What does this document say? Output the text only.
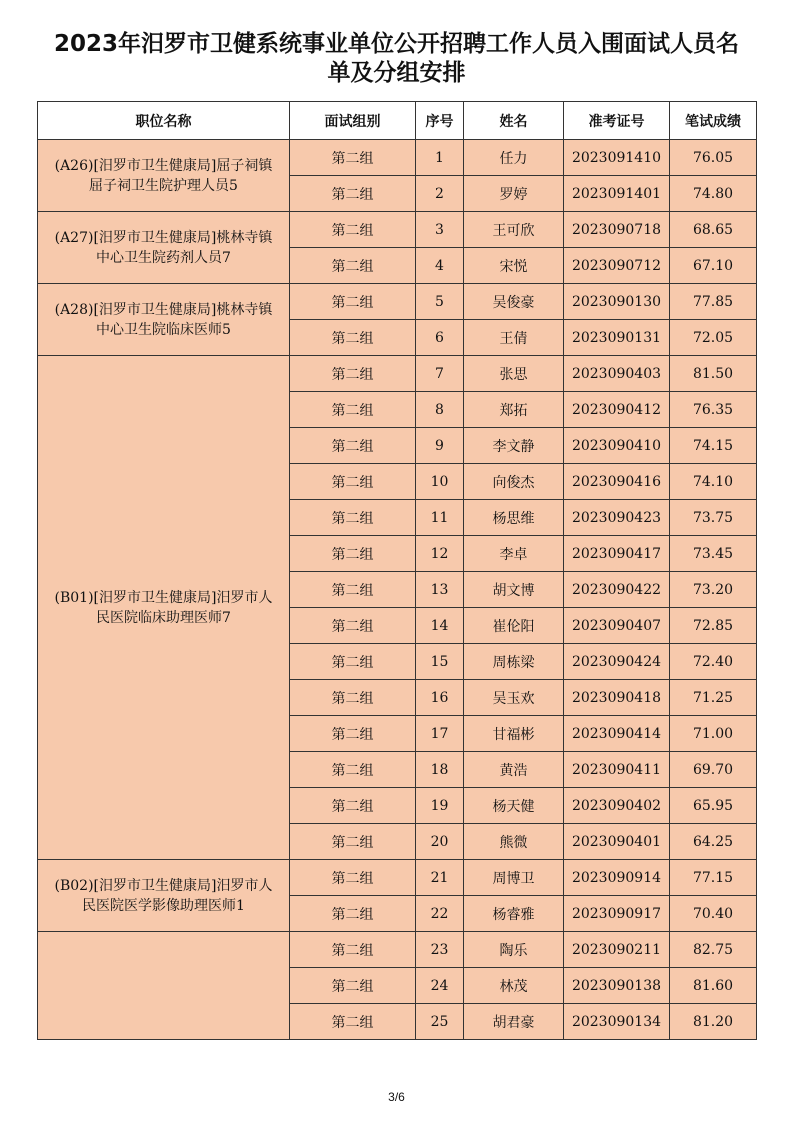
2023年汨罗市卫健系统事业单位公开招聘工作人员入围面试人员名
单及分组安排
职位名称	面试组别	序号	姓名	准考证号	笔试成绩

(A26)[汨罗市卫生健康局]屈子祠镇
屈子祠卫生院护理人员5	第二组	1	任力	2023091410	76.05
	第二组	2	罗婷	2023091401	74.80

(A27)[汨罗市卫生健康局]桃林寺镇
中心卫生院药剂人员7	第二组	3	王可欣	2023090718	68.65
	第二组	4	宋悦	2023090712	67.10

(A28)[汨罗市卫生健康局]桃林寺镇
中心卫生院临床医师5	第二组	5	吴俊豪	2023090130	77.85
	第二组	6	王倩	2023090131	72.05

(B01)[汨罗市卫生健康局]汨罗市人
民医院临床助理医师7	第二组	7	张思	2023090403	81.50
	第二组	8	郑拓	2023090412	76.35
	第二组	9	李文静	2023090410	74.15
	第二组	10	向俊杰	2023090416	74.10
	第二组	11	杨思维	2023090423	73.75
	第二组	12	李卓	2023090417	73.45
	第二组	13	胡文博	2023090422	73.20
	第二组	14	崔伦阳	2023090407	72.85
	第二组	15	周栋梁	2023090424	72.40
	第二组	16	吴玉欢	2023090418	71.25
	第二组	17	甘福彬	2023090414	71.00
	第二组	18	黄浩	2023090411	69.70
	第二组	19	杨天健	2023090402	65.95
	第二组	20	熊微	2023090401	64.25

(B02)[汨罗市卫生健康局]汨罗市人
民医院医学影像助理医师1	第二组	21	周博卫	2023090914	77.15
	第二组	22	杨睿雅	2023090917	70.40

	第二组	23	陶乐	2023090211	82.75
	第二组	24	林茂	2023090138	81.60
	第二组	25	胡君豪	2023090134	81.20
3/6
